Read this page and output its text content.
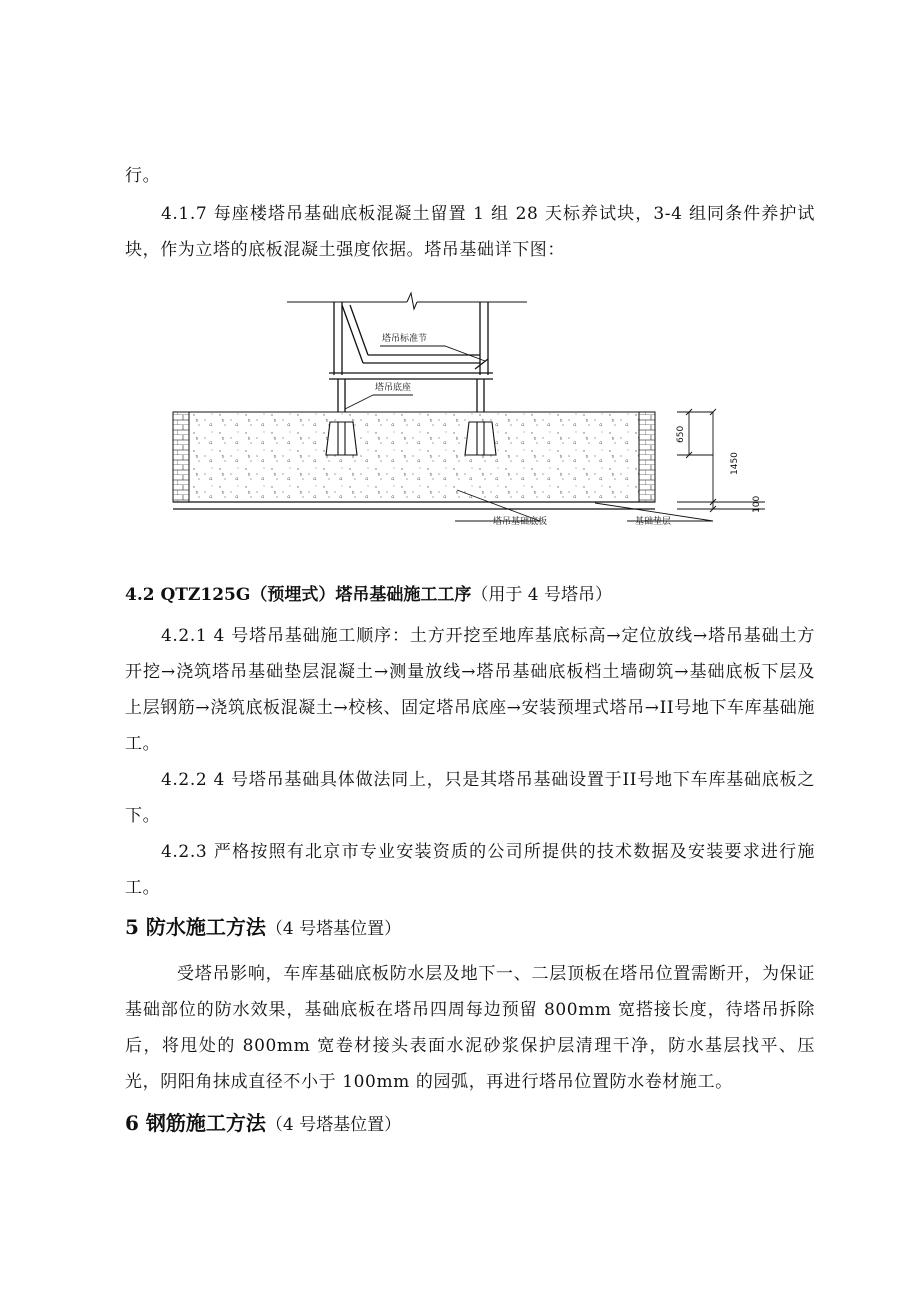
行。

4.1.7 每座楼塔吊基础底板混凝土留置 1 组 28 天标养试块，3-4 组同条件养护试块，作为立塔的底板混凝土强度依据。塔吊基础详下图：

塔吊标准节
塔吊底座
塔吊基础底板	基础垫层
650
1450
100

4.2 QTZ125G（预埋式）塔吊基础施工工序（用于 4 号塔吊）

4.2.1 4 号塔吊基础施工顺序：土方开挖至地库基底标高→定位放线→塔吊基础土方开挖→浇筑塔吊基础垫层混凝土→测量放线→塔吊基础底板档土墙砌筑→基础底板下层及上层钢筋→浇筑底板混凝土→校核、固定塔吊底座→安装预埋式塔吊→II号地下车库基础施工。

4.2.2 4 号塔吊基础具体做法同上，只是其塔吊基础设置于II号地下车库基础底板之下。

4.2.3 严格按照有北京市专业安装资质的公司所提供的技术数据及安装要求进行施工。

5 防水施工方法（4 号塔基位置）

受塔吊影响，车库基础底板防水层及地下一、二层顶板在塔吊位置需断开，为保证基础部位的防水效果，基础底板在塔吊四周每边预留 800mm 宽搭接长度，待塔吊拆除后，将甩处的 800mm 宽卷材接头表面水泥砂浆保护层清理干净，防水基层找平、压光，阴阳角抹成直径不小于 100mm 的园弧，再进行塔吊位置防水卷材施工。

6 钢筋施工方法（4 号塔基位置）
